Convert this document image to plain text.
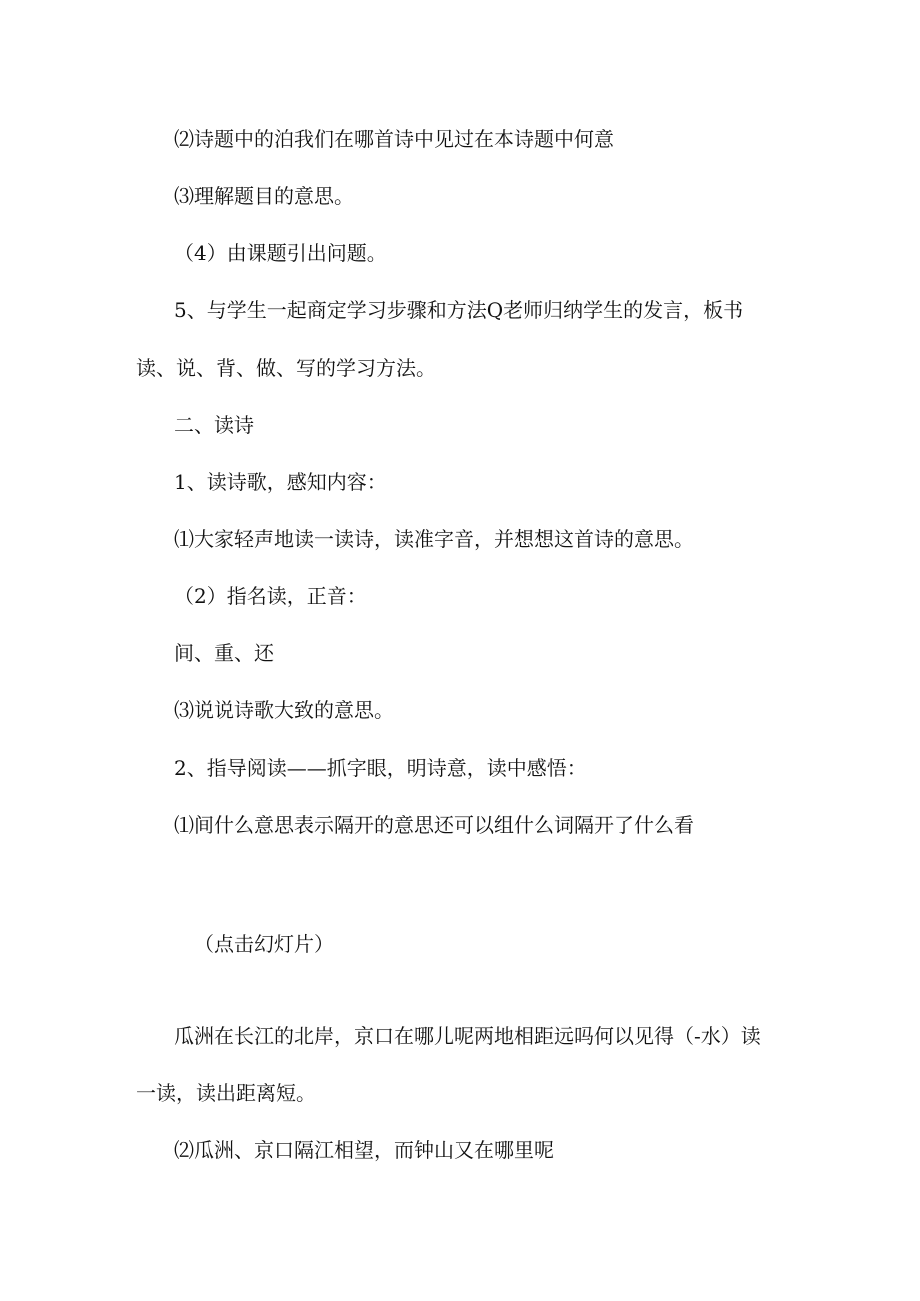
⑵诗题中的泊我们在哪首诗中见过在本诗题中何意
⑶理解题目的意思。
（4）由课题引出问题。
5、与学生一起商定学习步骤和方法Q老师归纳学生的发言，板书
读、说、背、做、写的学习方法。
二、读诗
1、读诗歌，感知内容：
⑴大家轻声地读一读诗，读准字音，并想想这首诗的意思。
（2）指名读，正音：
间、重、还
⑶说说诗歌大致的意思。
2、指导阅读——抓字眼，明诗意，读中感悟：
⑴间什么意思表示隔开的意思还可以组什么词隔开了什么看
（点击幻灯片）
瓜洲在长江的北岸，京口在哪儿呢两地相距远吗何以见得（-水）读
一读，读出距离短。
⑵瓜洲、京口隔江相望，而钟山又在哪里呢
